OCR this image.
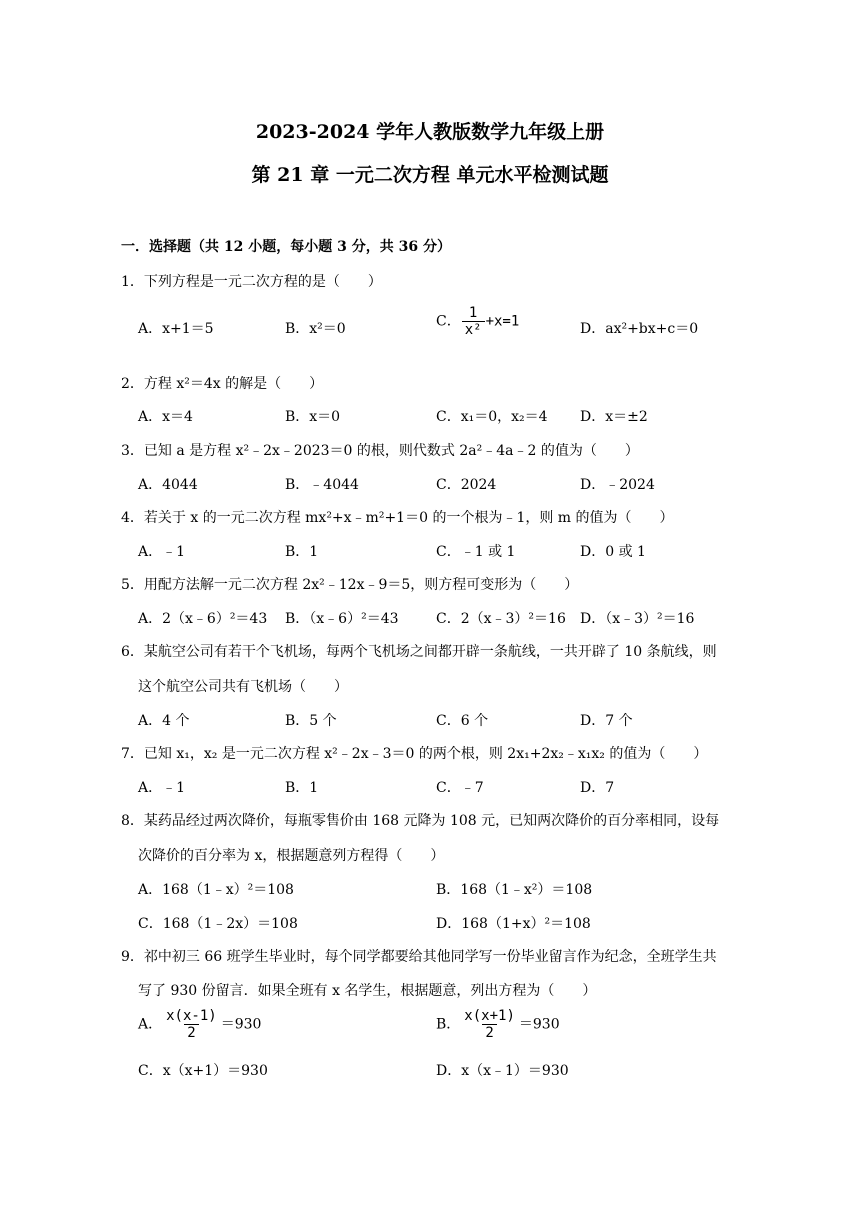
2023-2024 学年人教版数学九年级上册
第 21 章 一元二次方程 单元水平检测试题
一．选择题（共 12 小题，每小题 3 分，共 36 分）
1．下列方程是一元二次方程的是（　　）
A．x+1＝5	B．x²＝0	C． $\frac{1}{\text{x²}} +x=1$	D．ax²+bx+c＝0
2．方程 x²＝4x 的解是（　　）
A．x＝4	B．x＝0	C．x₁＝0，x₂＝4 D．x＝±2
3．已知 a 是方程 x²﹣2x﹣2023＝0 的根，则代数式 2a²﹣4a﹣2 的值为（　　）
A．4044	B．﹣4044	C．2024	D．﹣2024
4．若关于 x 的一元二次方程 mx²+x﹣m²+1＝0 的一个根为﹣1，则 m 的值为（　　）
A．﹣1	B．1	C．﹣1 或 1	D．0 或 1
5．用配方法解一元二次方程 2x²﹣12x﹣9＝5，则方程可变形为（　　）
A．2（x﹣6）²＝43 B．（x﹣6）²＝43	C．2（x﹣3）²＝16 D．（x﹣3）²＝16
6．某航空公司有若干个飞机场，每两个飞机场之间都开辟一条航线，一共开辟了 10 条航线，则
这个航空公司共有飞机场（　　）
A．4 个	B．5 个	C．6 个	D．7 个
7．已知 x₁，x₂ 是一元二次方程 x²﹣2x﹣3＝0 的两个根，则 2x₁+2x₂﹣x₁x₂ 的值为（　　）
A．﹣1	B．1	C．﹣7	D．7
8．某药品经过两次降价，每瓶零售价由 168 元降为 108 元，已知两次降价的百分率相同，设每
次降价的百分率为 x，根据题意列方程得（　　）
A．168（1﹣x）²＝108	B．168（1﹣x²）＝108
C．168（1﹣2x）＝108	D．168（1+x）²＝108
9．祁中初三 66 班学生毕业时，每个同学都要给其他同学写一份毕业留言作为纪念，全班学生共
写了 930 份留言．如果全班有 x 名学生，根据题意，列出方程为（　　）
A． $\frac{x(x-1)}{2} =930$	B． $\frac{x(x+1)}{2} =930$
C．x（x+1）＝930	D．x（x﹣1）＝930
